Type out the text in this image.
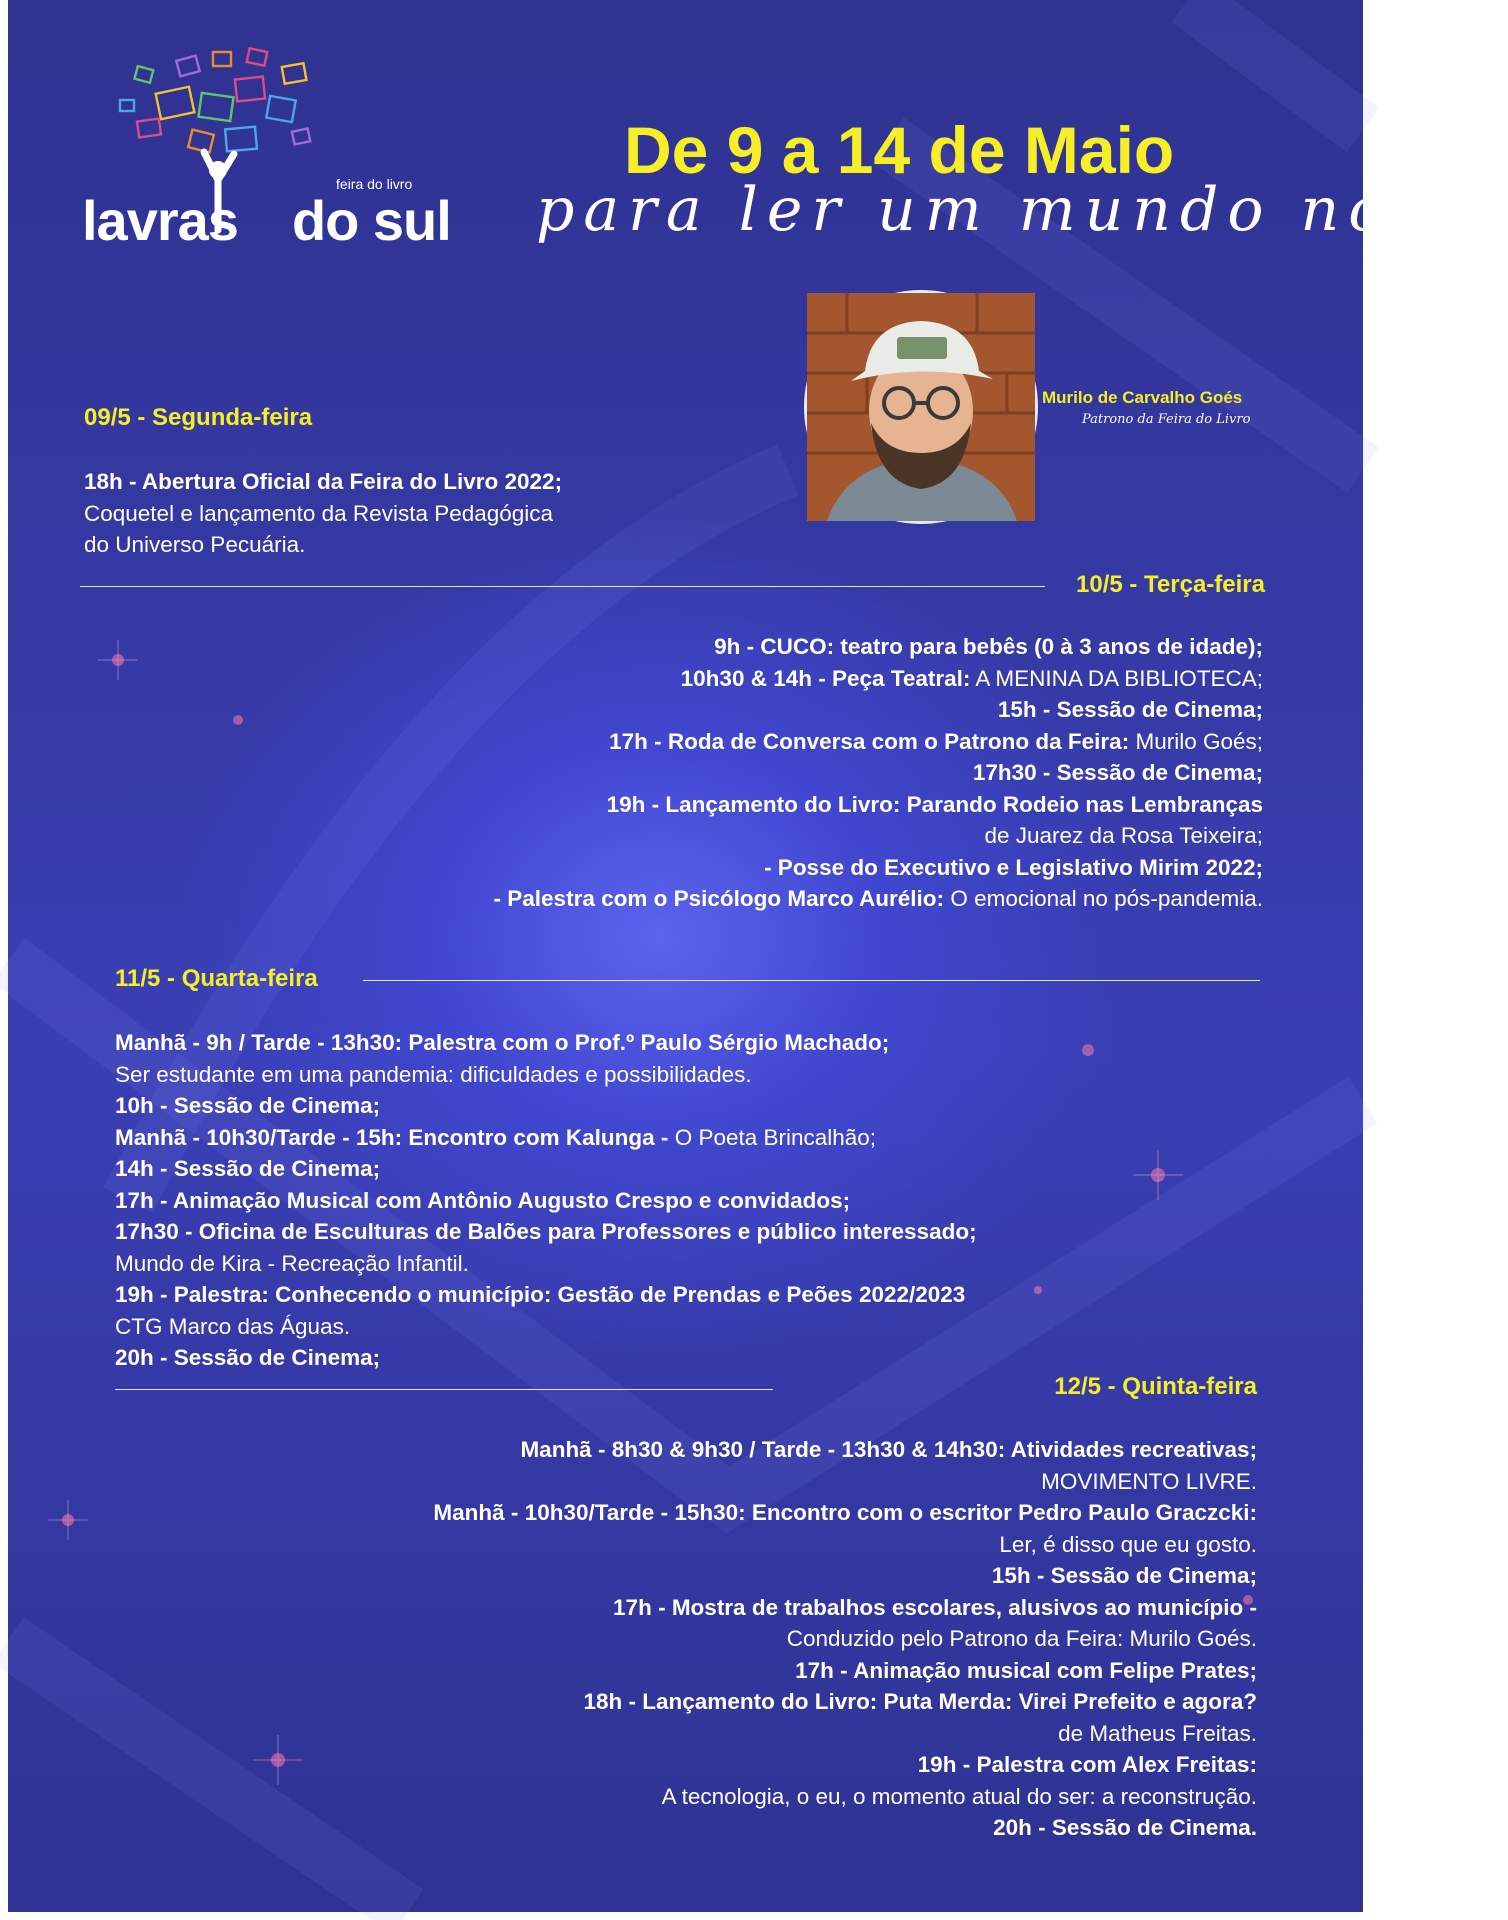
feira do livro
lavras do sul
De 9 a 14 de Maio
para ler um mundo novo.
Murilo de Carvalho Goés
Patrono da Feira do Livro
09/5 - Segunda-feira
18h - Abertura Oficial da Feira do Livro 2022;
Coquetel e lançamento da Revista Pedagógica
do Universo Pecuária.
10/5 - Terça-feira
9h - CUCO: teatro para bebês (0 à 3 anos de idade);
10h30 & 14h - Peça Teatral: A MENINA DA BIBLIOTECA;
15h - Sessão de Cinema;
17h - Roda de Conversa com o Patrono da Feira: Murilo Goés;
17h30 - Sessão de Cinema;
19h - Lançamento do Livro: Parando Rodeio nas Lembranças
de Juarez da Rosa Teixeira;
- Posse do Executivo e Legislativo Mirim 2022;
- Palestra com o Psicólogo Marco Aurélio: O emocional no pós-pandemia.
11/5 - Quarta-feira
Manhã - 9h / Tarde - 13h30: Palestra com o Prof.º Paulo Sérgio Machado;
Ser estudante em uma pandemia: dificuldades e possibilidades.
10h - Sessão de Cinema;
Manhã - 10h30/Tarde - 15h: Encontro com Kalunga - O Poeta Brincalhão;
14h - Sessão de Cinema;
17h - Animação Musical com Antônio Augusto Crespo e convidados;
17h30 - Oficina de Esculturas de Balões para Professores e público interessado;
Mundo de Kira - Recreação Infantil.
19h - Palestra: Conhecendo o município: Gestão de Prendas e Peões 2022/2023
CTG Marco das Águas.
20h - Sessão de Cinema;
12/5 - Quinta-feira
Manhã - 8h30 & 9h30 / Tarde - 13h30 & 14h30: Atividades recreativas;
MOVIMENTO LIVRE.
Manhã - 10h30/Tarde - 15h30: Encontro com o escritor Pedro Paulo Graczcki:
Ler, é disso que eu gosto.
15h - Sessão de Cinema;
17h - Mostra de trabalhos escolares, alusivos ao município -
Conduzido pelo Patrono da Feira: Murilo Goés.
17h - Animação musical com Felipe Prates;
18h - Lançamento do Livro: Puta Merda: Virei Prefeito e agora?
de Matheus Freitas.
19h - Palestra com Alex Freitas:
A tecnologia, o eu, o momento atual do ser: a reconstrução.
20h - Sessão de Cinema.
